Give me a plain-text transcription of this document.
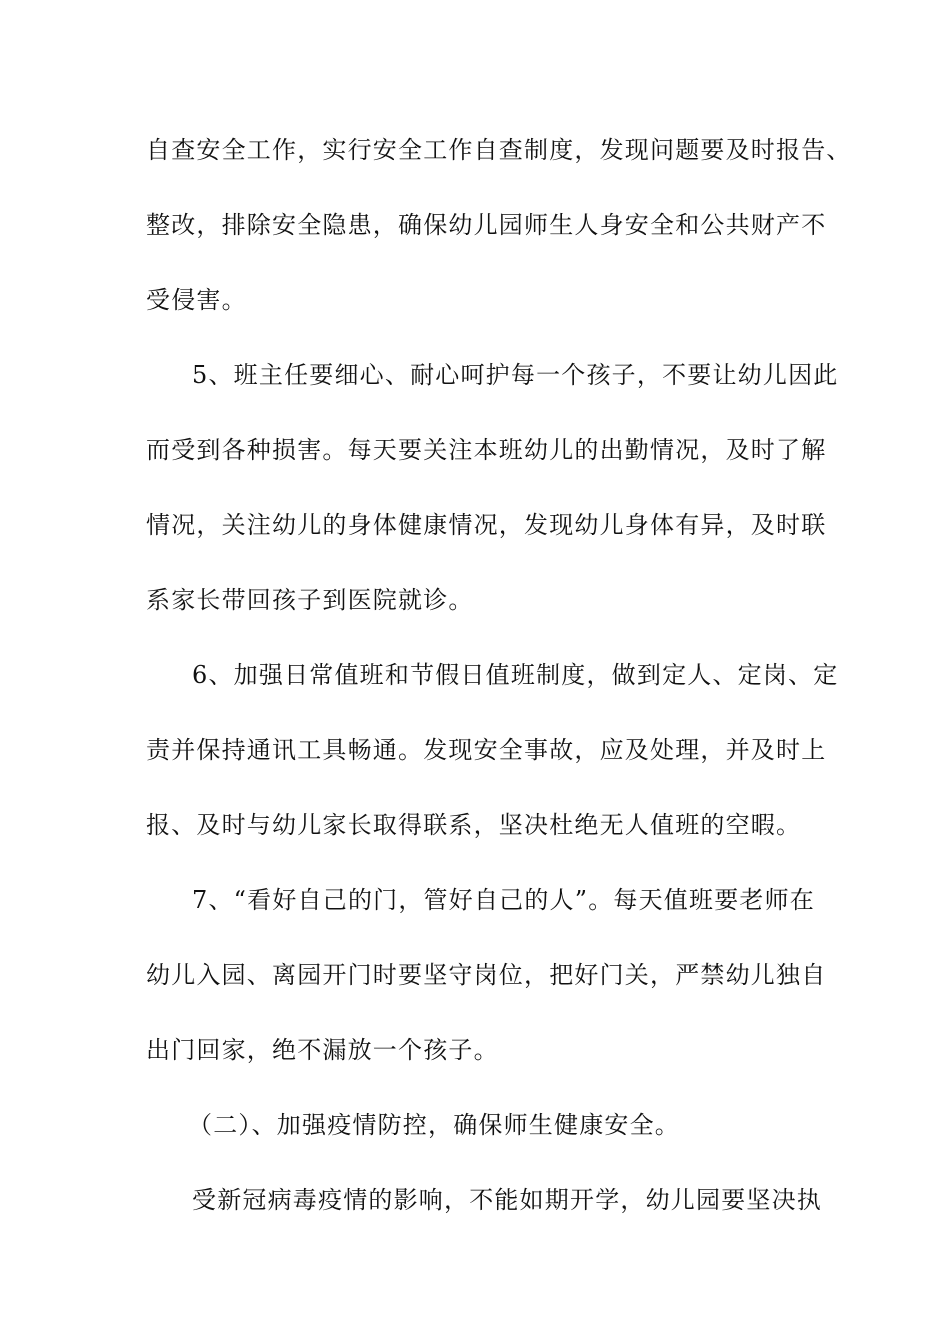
自查安全工作，实行安全工作自查制度，发现问题要及时报告、
整改，排除安全隐患，确保幼儿园师生人身安全和公共财产不
受侵害。
5、班主任要细心、耐心呵护每一个孩子，不要让幼儿因此
而受到各种损害。每天要关注本班幼儿的出勤情况，及时了解
情况，关注幼儿的身体健康情况，发现幼儿身体有异，及时联
系家长带回孩子到医院就诊。
6、加强日常值班和节假日值班制度，做到定人、定岗、定
责并保持通讯工具畅通。发现安全事故，应及处理，并及时上
报、及时与幼儿家长取得联系，坚决杜绝无人值班的空暇。
7、“看好自己的门，管好自己的人”。每天值班要老师在
幼儿入园、离园开门时要坚守岗位，把好门关，严禁幼儿独自
出门回家，绝不漏放一个孩子。
（二）、加强疫情防控，确保师生健康安全。
受新冠病毒疫情的影响，不能如期开学，幼儿园要坚决执
